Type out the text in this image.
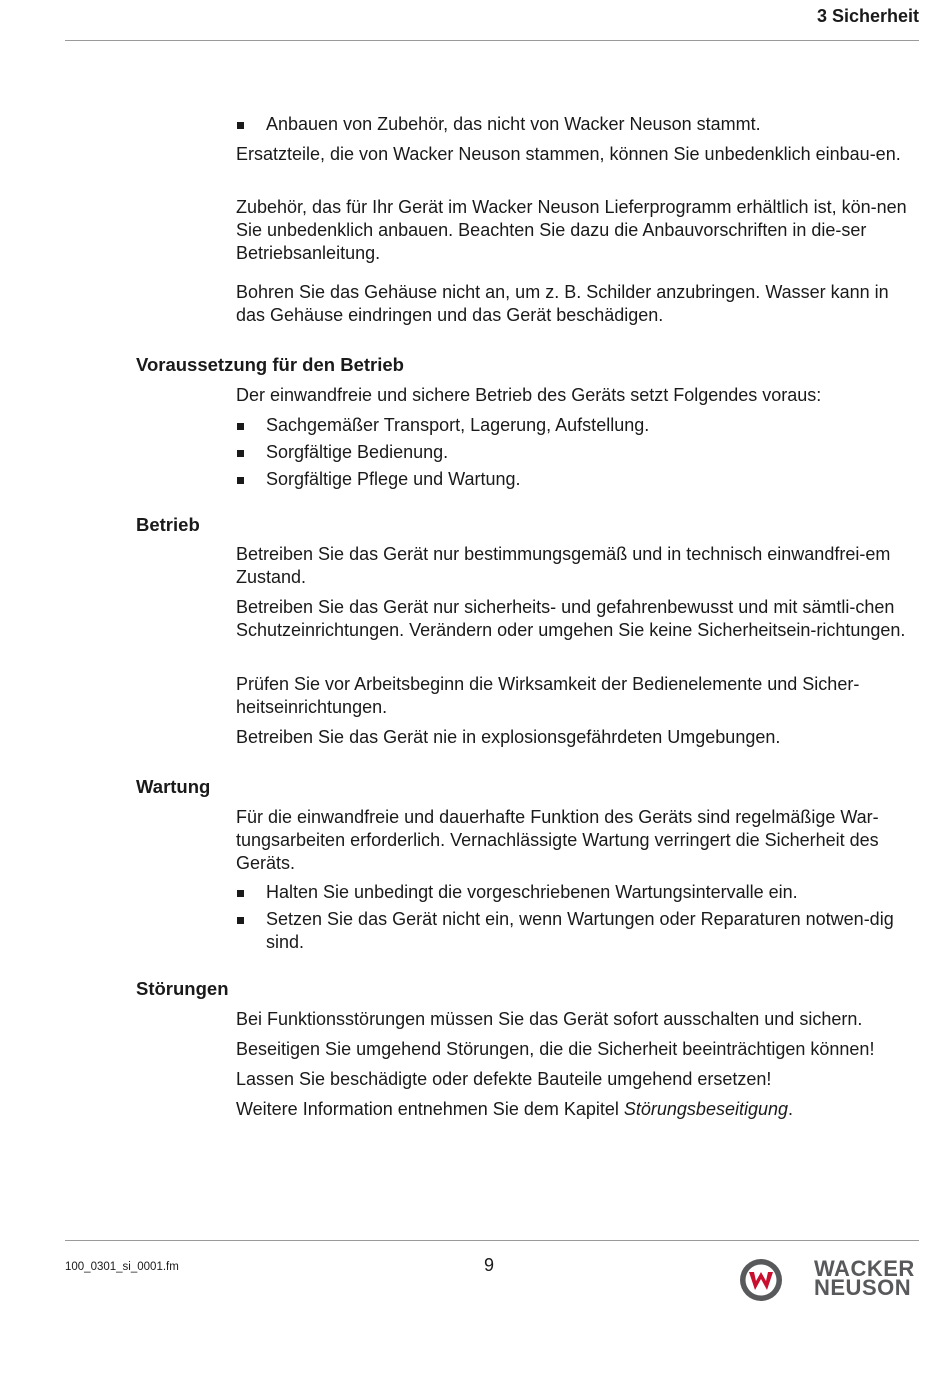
3 Sicherheit
Anbauen von Zubehör, das nicht von Wacker Neuson stammt.

Ersatzteile, die von Wacker Neuson stammen, können Sie unbedenklich einbau-en.

Zubehör, das für Ihr Gerät im Wacker Neuson Lieferprogramm erhältlich ist, kön-nen Sie unbedenklich anbauen. Beachten Sie dazu die Anbauvorschriften in die-ser Betriebsanleitung.

Bohren Sie das Gehäuse nicht an, um z. B. Schilder anzubringen. Wasser kann in das Gehäuse eindringen und das Gerät beschädigen.

Voraussetzung für den Betrieb

Der einwandfreie und sichere Betrieb des Geräts setzt Folgendes voraus:

Sachgemäßer Transport, Lagerung, Aufstellung.
Sorgfältige Bedienung.
Sorgfältige Pflege und Wartung.
Betrieb

Betreiben Sie das Gerät nur bestimmungsgemäß und in technisch einwandfrei-em Zustand.

Betreiben Sie das Gerät nur sicherheits- und gefahrenbewusst und mit sämtli-chen Schutzeinrichtungen. Verändern oder umgehen Sie keine Sicherheitsein-richtungen.

Prüfen Sie vor Arbeitsbeginn die Wirksamkeit der Bedienelemente und Sicher-heitseinrichtungen.

Betreiben Sie das Gerät nie in explosionsgefährdeten Umgebungen.

Wartung

Für die einwandfreie und dauerhafte Funktion des Geräts sind regelmäßige War-tungsarbeiten erforderlich. Vernachlässigte Wartung verringert die Sicherheit des Geräts.

Halten Sie unbedingt die vorgeschriebenen Wartungsintervalle ein.
Setzen Sie das Gerät nicht ein, wenn Wartungen oder Reparaturen notwen-dig sind.
Störungen

Bei Funktionsstörungen müssen Sie das Gerät sofort ausschalten und sichern.

Beseitigen Sie umgehend Störungen, die die Sicherheit beeinträchtigen können!

Lassen Sie beschädigte oder defekte Bauteile umgehend ersetzen!

Weitere Information entnehmen Sie dem Kapitel Störungsbeseitigung.

100_0301_si_0001.fm	9	WACKER
NEUSON
